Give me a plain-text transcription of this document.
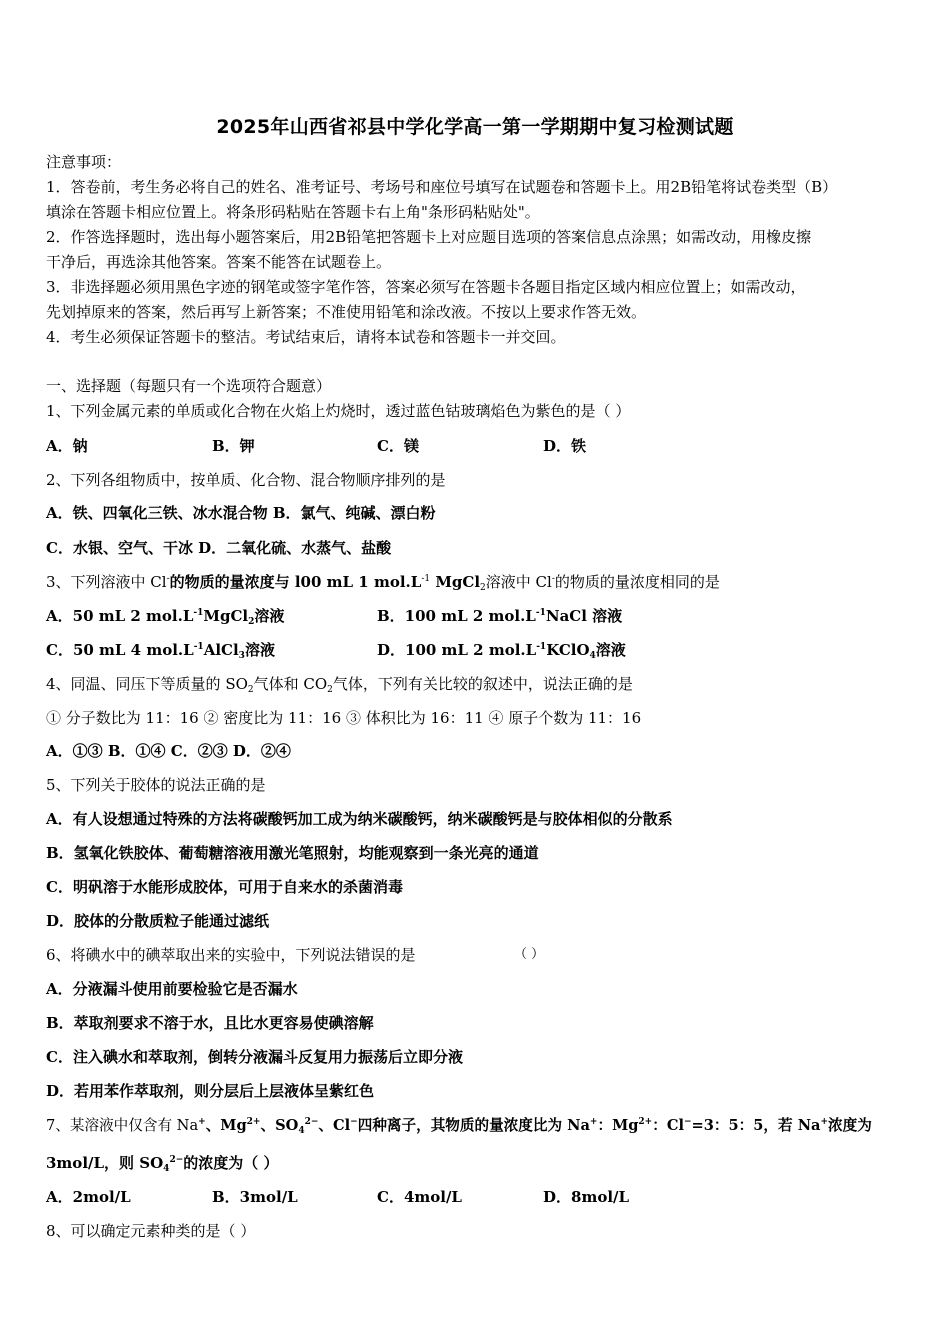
2025年山西省祁县中学化学高一第一学期期中复习检测试题
注意事项：
1．答卷前，考生务必将自己的姓名、准考证号、考场号和座位号填写在试题卷和答题卡上。用2B铅笔将试卷类型（B）
填涂在答题卡相应位置上。将条形码粘贴在答题卡右上角"条形码粘贴处"。
2．作答选择题时，选出每小题答案后，用2B铅笔把答题卡上对应题目选项的答案信息点涂黑；如需改动，用橡皮擦
干净后，再选涂其他答案。答案不能答在试题卷上。
3．非选择题必须用黑色字迹的钢笔或签字笔作答，答案必须写在答题卡各题目指定区域内相应位置上；如需改动，
先划掉原来的答案，然后再写上新答案；不准使用铅笔和涂改液。不按以上要求作答无效。
4．考生必须保证答题卡的整洁。考试结束后，请将本试卷和答题卡一并交回。
一、选择题（每题只有一个选项符合题意）
1、下列金属元素的单质或化合物在火焰上灼烧时，透过蓝色钴玻璃焰色为紫色的是（ ）
A．钠	B．钾	C．镁	D．铁
2、下列各组物质中，按单质、化合物、混合物顺序排列的是
A．铁、四氧化三铁、冰水混合物 B．氯气、纯碱、漂白粉
C．水银、空气、干冰 D．二氧化硫、水蒸气、盐酸
3、下列溶液中 Cl-的物质的量浓度与 l00 mL 1 $mol.L^{-1}$ MgCl$_2$溶液中 Cl-的物质的量浓度相同的是
A．50 mL 2 $mol.L^{-1}MgCl_2$溶液	B．100 mL 2 $mol.L^{-1}NaCl$ 溶液
C．50 mL 4 $mol.L^{-1}AlCl_3$溶液	D．100 mL 2 $mol.L^{-1}KClO_4$溶液
4、同温、同压下等质量的 $SO_2$气体和 $CO_2$气体，下列有关比较的叙述中，说法正确的是
① 分子数比为 11：16 ② 密度比为 11：16 ③ 体积比为 16：11 ④ 原子个数为 11：16
A．①③ B．①④ C．②③ D．②④
5、下列关于胶体的说法正确的是
A．有人设想通过特殊的方法将碳酸钙加工成为纳米碳酸钙，纳米碳酸钙是与胶体相似的分散系
B．氢氧化铁胶体、葡萄糖溶液用激光笔照射，均能观察到一条光亮的通道
C．明矾溶于水能形成胶体，可用于自来水的杀菌消毒
D．胶体的分散质粒子能通过滤纸
6、将碘水中的碘萃取出来的实验中，下列说法错误的是	（ ）
A．分液漏斗使用前要检验它是否漏水
B．萃取剂要求不溶于水，且比水更容易使碘溶解
C．注入碘水和萃取剂，倒转分液漏斗反复用力振荡后立即分液
D．若用苯作萃取剂，则分层后上层液体呈紫红色
7、某溶液中仅含有 Na+、$Mg^{2+}$、$SO_4^{2-}$、Cl−四种离子，其物质的量浓度比为 Na+：$Mg^{2+}$：Cl−=3：5：5，若 Na+浓度为
3mol/L，则 $SO_4^{2-}$的浓度为（ ）
A．2mol/L	B．3mol/L	C．4mol/L	D．8mol/L
8、可以确定元素种类的是（ ）
